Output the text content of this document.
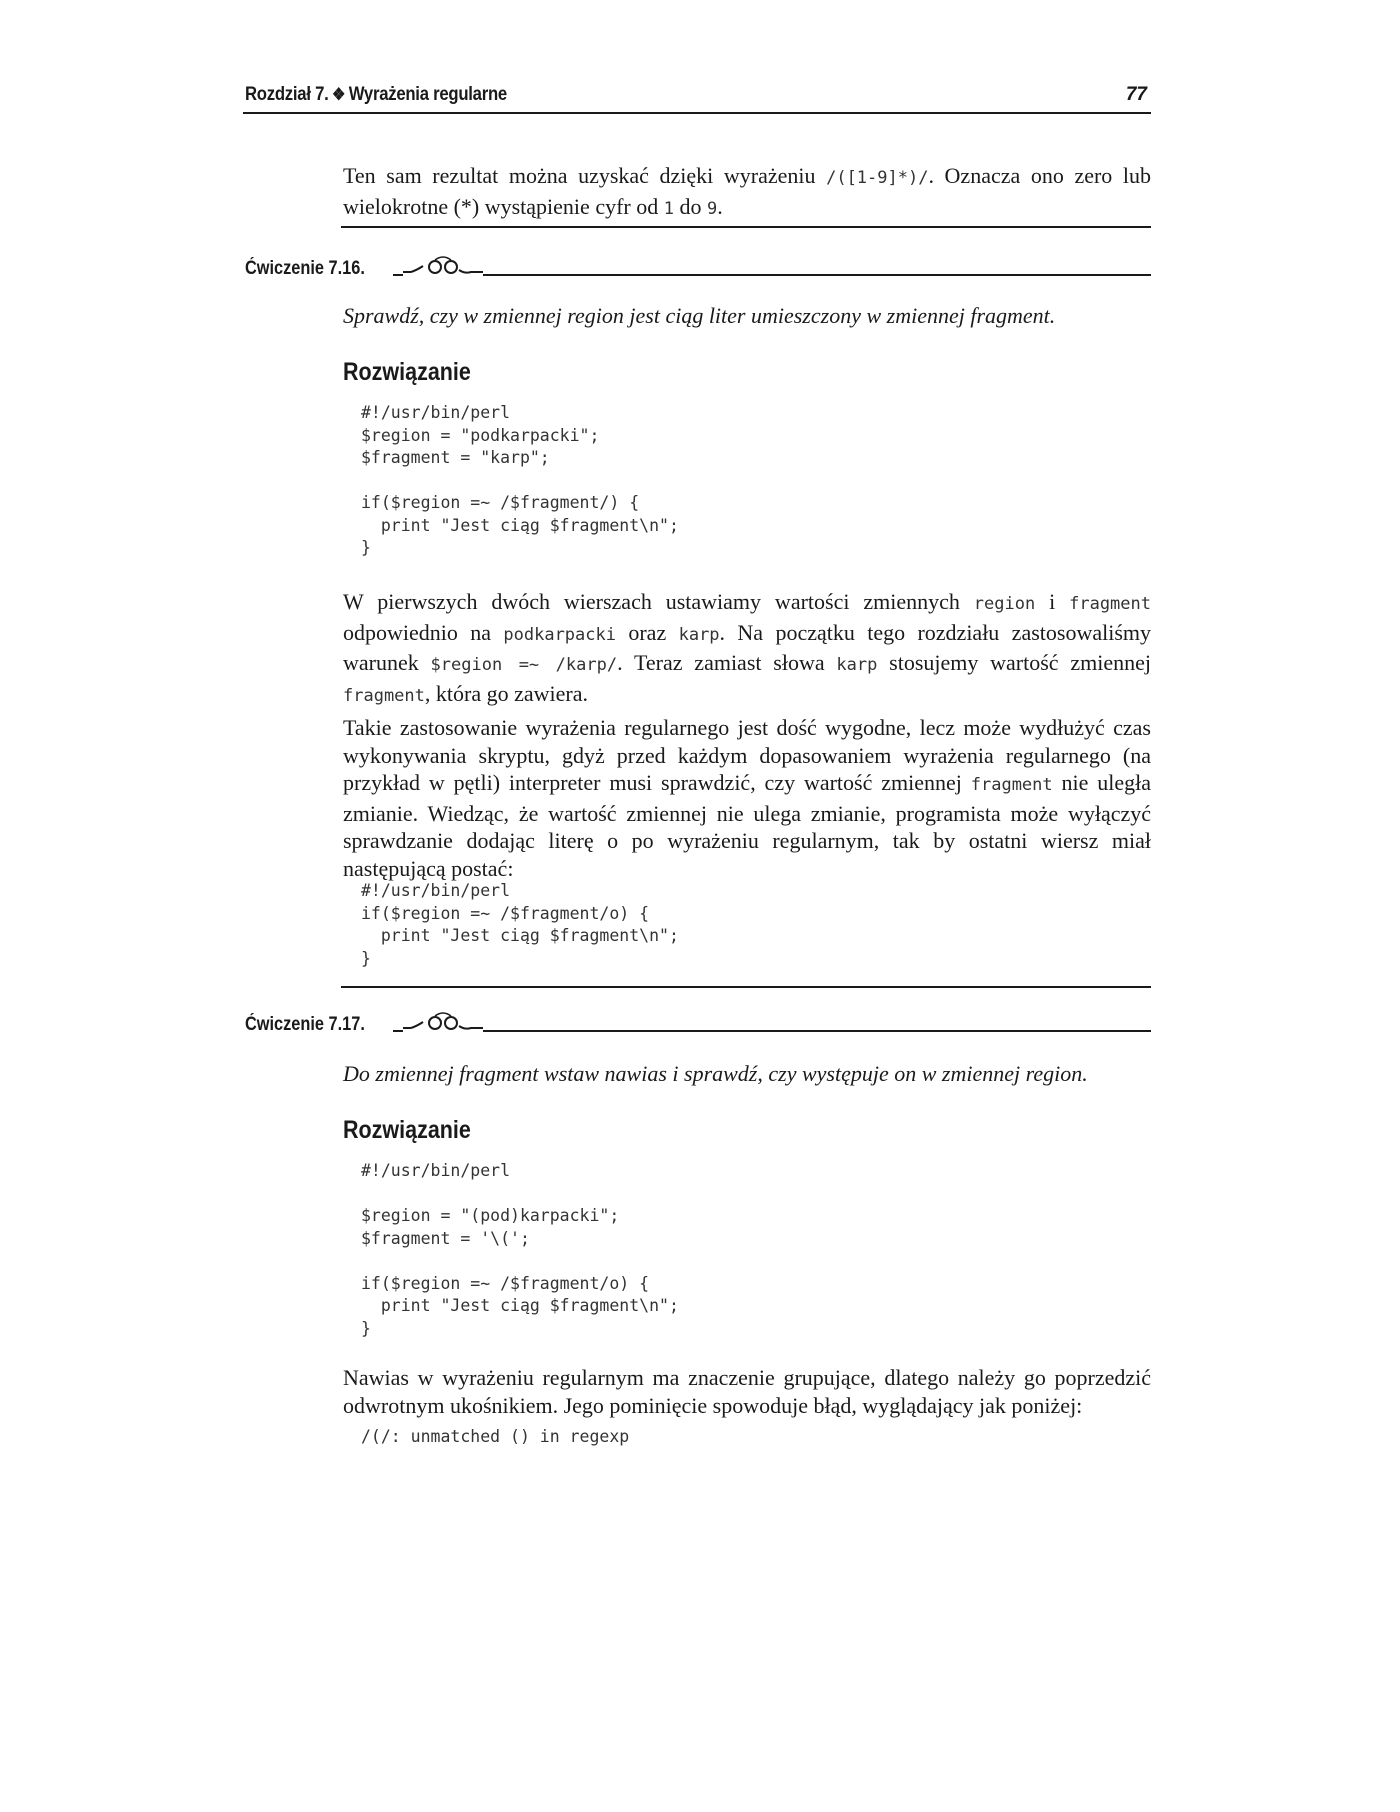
Rozdział 7. ❖ Wyrażenia regularne	77

Ten sam rezultat można uzyskać dzięki wyrażeniu /([1-9]*)/. Oznacza ono zero lub wielokrotne (*) wystąpienie cyfr od 1 do 9.

Ćwiczenie 7.16.

Sprawdź, czy w zmiennej region jest ciąg liter umieszczony w zmiennej fragment.

Rozwiązanie
#!/usr/bin/perl
$region = "podkarpacki";
$fragment = "karp";

if($region =~ /$fragment/) {
print "Jest ciąg $fragment\n";
}

W pierwszych dwóch wierszach ustawiamy wartości zmiennych region i fragment odpowiednio na podkarpacki oraz karp. Na początku tego rozdziału zastosowaliśmy warunek $region =~ /karp/. Teraz zamiast słowa karp stosujemy wartość zmiennej fragment, która go zawiera.

Takie zastosowanie wyrażenia regularnego jest dość wygodne, lecz może wydłużyć czas wykonywania skryptu, gdyż przed każdym dopasowaniem wyrażenia regularnego (na przykład w pętli) interpreter musi sprawdzić, czy wartość zmiennej fragment nie uległa zmianie. Wiedząc, że wartość zmiennej nie ulega zmianie, programista może wyłączyć sprawdzanie dodając literę o po wyrażeniu regularnym, tak by ostatni wiersz miał następującą postać:

#!/usr/bin/perl
if($region =~ /$fragment/o) {
print "Jest ciąg $fragment\n";
}
Ćwiczenie 7.17.

Do zmiennej fragment wstaw nawias i sprawdź, czy występuje on w zmiennej region.

Rozwiązanie
#!/usr/bin/perl

$region = "(pod)karpacki";
$fragment = '\(';

if($region =~ /$fragment/o) {
print "Jest ciąg $fragment\n";
}

Nawias w wyrażeniu regularnym ma znaczenie grupujące, dlatego należy go poprzedzić odwrotnym ukośnikiem. Jego pominięcie spowoduje błąd, wyglądający jak poniżej:

/(/: unmatched () in regexp
